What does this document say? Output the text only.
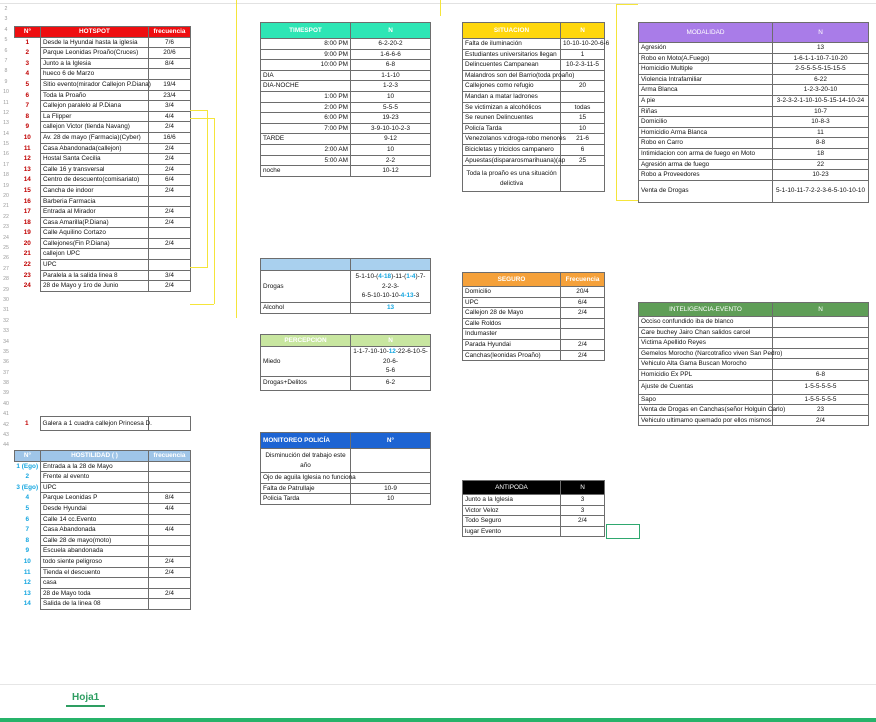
2
3
4
5
6
7
8
9
10
11
12
13
14
15
16
17
18
19
20
21
22
23
24
25
26
27
28
29
30
31
32
33
34
35
36
37
38
39
40
41
42
43
44
N°	HOTSPOT	frecuencia
1	Desde la Hyundai hasta la iglesia	7/6
2	Parque Leonidas Proaño(Cruces)	20/6
3	Junto a la Iglesia	8/4
4	hueco 6 de Marzo	
5	Sitio evento(mirador Callejon P.Diana)	19/4
6	Toda la Proaño	23/4
7	Callejon paralelo al P.Diana	3/4
8	La Flipper	4/4
9	callejon Victor (tienda Navang)	2/4
10	Av. 28 de mayo (Farmacia)(Cyber)	16/6
11	Casa Abandonada(callejon)	2/4
12	Hostal Santa Cecilia	2/4
13	Calle 16 y transversal	2/4
14	Centro de descuento(comisariato)	6/4
15	Cancha de indoor	2/4
16	Barberia Farmacia	
17	Entrada al Mirador	2/4
18	Casa Amarilla(P.Diana)	2/4
19	Calle Aquilino Cortazo	
20	Callejones(Fin P.Diana)	2/4
21	callejon UPC	
22	UPC	
23	Paralela a la salida linea 8	3/4
24	28 de Mayo y 1ro de Junio	2/4
1	Galera a 1 cuadra callejon Princesa D.	
N°	HOSTILIDAD ( )	frecuencia
1 (Ego)	Entrada a la 28 de Mayo	
2	Frente al evento	
3 (Ego)	UPC	
4	Parque Leonidas P	8/4
5	Desde Hyundai	4/4
6	Calle 14 cc.Evento	
7	Casa Abandonada	4/4
8	Calle 28 de mayo(moto)	
9	Escuela abandonada	
10	todo siente peligroso	2/4
11	Tienda el descuento	2/4
12	casa	
13	28 de Mayo toda	2/4
14	Salida de la linea 08	
TIMESPOT	N
8:00 PM	6-2-20-2
9:00 PM	1-6-6-6
10:00 PM	6-8
DIA	1-1-10
DIA-NOCHE	1-2-3
1:00 PM	10
2:00 PM	5-5-5
6:00 PM	19-23
7:00 PM	3-9-10-10-2-3
TARDE	9-12
2:00 AM	10
5:00 AM	2-2
noche	10-12

Drogas	5-1-10-(4-18)-11-(1-4)-7-2-2-3-
6-5-10-10-10-4-13-3
Alcohol	13
PERCEPCION	N
Miedo	1-1-7-10-10-12-22-6-10-5-20-6-
5-6
Drogas+Delitos	6-2
MONITOREO POLICÍA	N°
Disminución del trabajo este año	
Ojo de aguila Iglesia no funciona	
Falta de Patrullaje	10-9
Policia Tarda	10
SITUACION	N
Falta de iluminación	10-10-10-20-6-6
Estudiantes universitarios llegan	1
Delincuentes Campanean	10-2-3-11-5
Malandros son del Barrio(toda proaño)	
Callejones como refugio	20
Mandan a matar ladrones	
Se victimizan a alcohólicos	todas
Se reunen Delincuentes	15
Policía Tarda	10
Venezolanos v.droga-robo menores	21-6
Bicicletas y triciclos campanero	6
Apuestas(dispararosmarihuana)(ap	25
Toda la proaño es una situación delictiva	
SEGURO	Frecuencia
Domicilio	20/4
UPC	6/4
Callejon 28 de Mayo	2/4
Calle Roldos	
Indumaster	
Parada Hyundai	2/4
Canchas(leonidas Proaño)	2/4
ANTIPODA	N
Junto a la Iglesia	3
Victor Veloz	3
Todo Seguro	2/4
lugar Evento	
MODALIDAD	N
Agresión	13
Robo en Moto(A.Fuego)	1-6-1-1-10-7-10-20
Homicidio Multiple	2-5-5-5-5-15-15-5
Violencia Intrafamiliar	6-22
Arma Blanca	1-2-3-20-10
A pie	3-2-3-2-1-10-10-5-15-14-10-24
Riñas	10-7
Domicilio	10-8-3
Homicidio Arma Blanca	11
Robo en Carro	8-8
Intimidacion con arma de fuego en Moto	18
Agresión arma de fuego	22
Robo a Proveedores	10-23
Venta de Drogas	5-1-10-11-7-2-2-3-6-5-10-10-10
INTELIGENCIA-EVENTO	N
Occiso confundido iba de blanco	
Care buchey Jairo Chan salidos carcel	
Victima Apellido Reyes	
Gemelos Morocho (Narcotrafico viven San Pedro)	
Vehiculo Alta Gama Buscan Morocho	
Homicidio Ex PPL	6-8
Ajuste de Cuentas	1-5-5-5-5-5
Sapo	1-5-5-5-5-5
Venta de Drogas en Canchas(señor Holguin Carlo)	23
Vehiculo ultimamo quemado por ellos mismos	2/4
Hoja1
